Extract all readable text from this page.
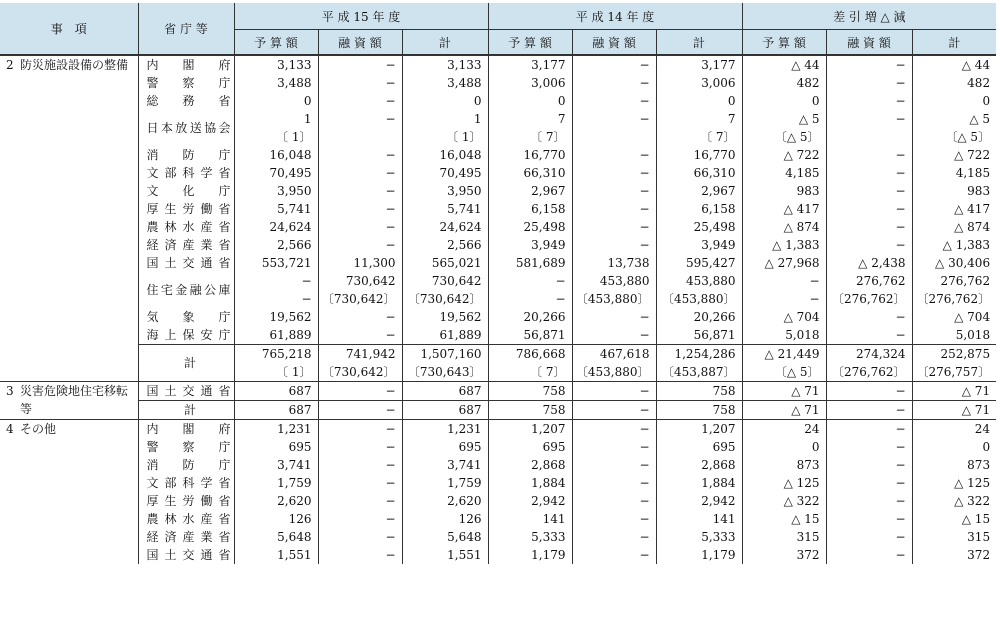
事　項	省 庁 等	平 成 15 年 度			平 成 14 年 度			差 引 増 △ 減		
		予 算 額	融 資 額	計	予 算 額	融 資 額	計	予 算 額	融 資 額	計
2 防災施設設備の整備	内閣府	3,133	−	3,133	3,177	−	3,177	△ 44	−	△ 44
	警察庁	3,488	−	3,488	3,006	−	3,006	482	−	482
	総務省	0	−	0	0	−	0	0	−	0
	日本放送協会	1	−	1	7	−	7	△ 5	−	△ 5
		〔 1〕		〔 1〕	〔 7〕		〔 7〕	〔△ 5〕		〔△ 5〕
	消防庁	16,048	−	16,048	16,770	−	16,770	△ 722	−	△ 722
	文部科学省	70,495	−	70,495	66,310	−	66,310	4,185	−	4,185
	文化庁	3,950	−	3,950	2,967	−	2,967	983	−	983
	厚生労働省	5,741	−	5,741	6,158	−	6,158	△ 417	−	△ 417
	農林水産省	24,624	−	24,624	25,498	−	25,498	△ 874	−	△ 874
	経済産業省	2,566	−	2,566	3,949	−	3,949	△ 1,383	−	△ 1,383
	国土交通省	553,721	11,300	565,021	581,689	13,738	595,427	△ 27,968	△ 2,438	△ 30,406
	住宅金融公庫	−	730,642	730,642	−	453,880	453,880	−	276,762	276,762
		−	〔730,642〕	〔730,642〕	−	〔453,880〕	〔453,880〕	−	〔276,762〕	〔276,762〕
	気象庁	19,562	−	19,562	20,266	−	20,266	△ 704	−	△ 704
	海上保安庁	61,889	−	61,889	56,871	−	56,871	5,018	−	5,018
	計	765,218	741,942	1,507,160	786,668	467,618	1,254,286	△ 21,449	274,324	252,875
		〔 1〕	〔730,642〕	〔730,643〕	〔 7〕	〔453,880〕	〔453,887〕	〔△ 5〕	〔276,762〕	〔276,757〕
3 災害危険地住宅移転等	国土交通省	687	−	687	758	−	758	△ 71	−	△ 71
	計	687	−	687	758	−	758	△ 71	−	△ 71
4 その他	内閣府	1,231	−	1,231	1,207	−	1,207	24	−	24
	警察庁	695	−	695	695	−	695	0	−	0
	消防庁	3,741	−	3,741	2,868	−	2,868	873	−	873
	文部科学省	1,759	−	1,759	1,884	−	1,884	△ 125	−	△ 125
	厚生労働省	2,620	−	2,620	2,942	−	2,942	△ 322	−	△ 322
	農林水産省	126	−	126	141	−	141	△ 15	−	△ 15
	経済産業省	5,648	−	5,648	5,333	−	5,333	315	−	315
	国土交通省	1,551	−	1,551	1,179	−	1,179	372	−	372
